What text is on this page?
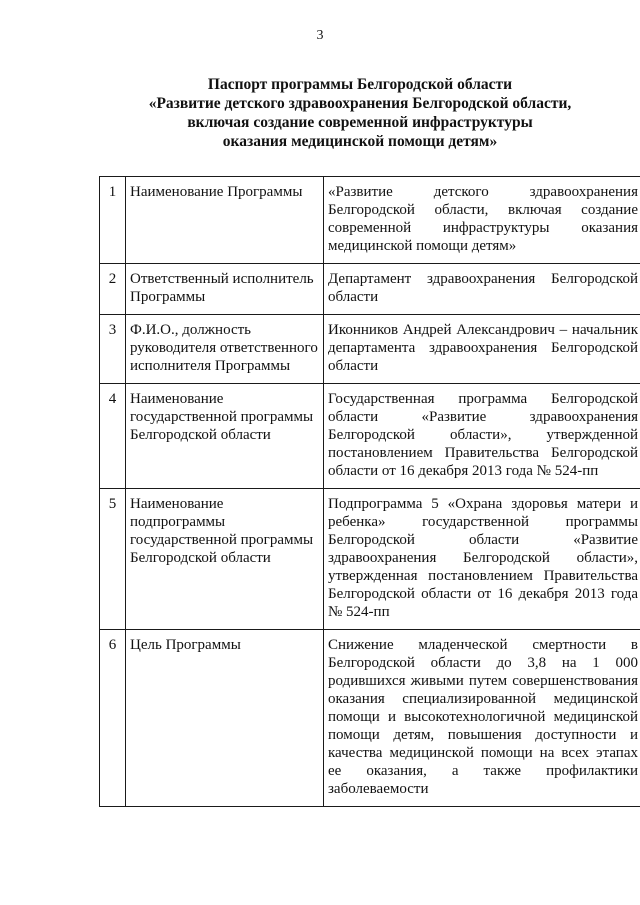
3
Паспорт программы Белгородской области
«Развитие детского здравоохранения Белгородской области,
включая создание современной инфраструктуры
оказания медицинской помощи детям»
1	Наименование Программы	«Развитие детского здравоохранения Белгородской области, включая создание современной инфраструктуры оказания медицинской помощи детям»
2	Ответственный исполнитель Программы	Департамент здравоохранения Белгородской области
3	Ф.И.О., должность руководителя ответственного исполнителя Программы	Иконников Андрей Александрович – начальник департамента здравоохранения Белгородской области
4	Наименование государственной программы Белгородской области	Государственная программа Белгородской области «Развитие здравоохранения Белгородской области», утвержденной постановлением Правительства Белгородской области от 16 декабря 2013 года № 524-пп
5	Наименование подпрограммы государственной программы Белгородской области	Подпрограмма 5 «Охрана здоровья матери и ребенка» государственной программы Белгородской области «Развитие здравоохранения Белгородской области», утвержденная постановлением Правительства Белгородской области от 16 декабря 2013 года № 524-пп
6	Цель Программы	Снижение младенческой смертности в Белгородской области до 3,8 на 1 000 родившихся живыми путем совершенствования оказания специализированной медицинской помощи и высокотехнологичной медицинской помощи детям, повышения доступности и качества медицинской помощи на всех этапах ее оказания, а также профилактики заболеваемости
